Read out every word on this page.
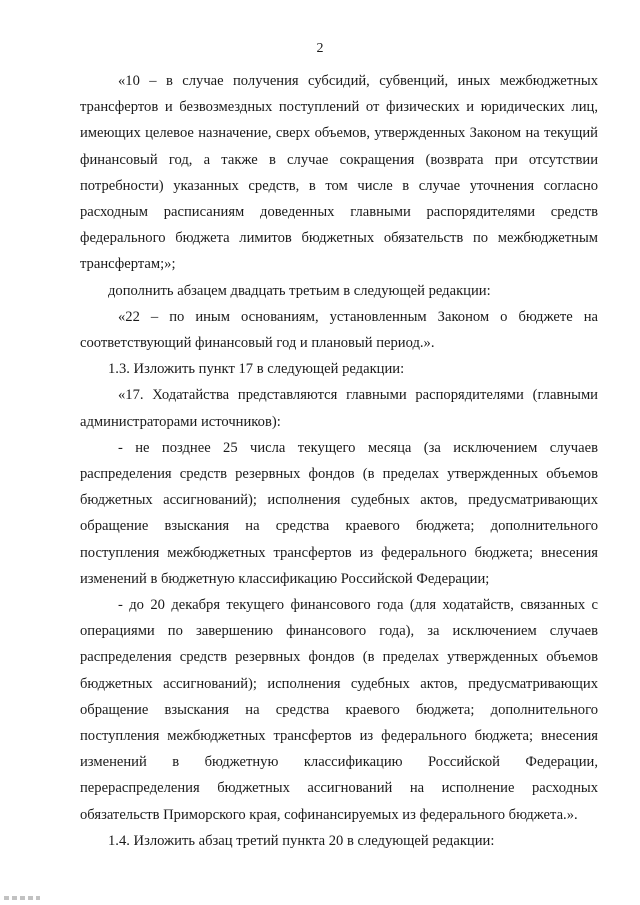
2

«10 – в случае получения субсидий, субвенций, иных межбюджетных трансфертов и безвозмездных поступлений от физических и юридических лиц, имеющих целевое назначение, сверх объемов, утвержденных Законом на текущий финансовый год, а также в случае сокращения (возврата при отсутствии потребности) указанных средств, в том числе в случае уточнения согласно расходным расписаниям доведенных главными распорядителями средств федерального бюджета лимитов бюджетных обязательств по межбюджетным трансфертам;»;

дополнить абзацем двадцать третьим в следующей редакции:

«22 – по иным основаниям, установленным Законом о бюджете на соответствующий финансовый год и плановый период.».

1.3. Изложить пункт 17 в следующей редакции:

«17. Ходатайства представляются главными распорядителями (главными администраторами источников):

- не позднее 25 числа текущего месяца (за исключением случаев распределения средств резервных фондов (в пределах утвержденных объемов бюджетных ассигнований); исполнения судебных актов, предусматривающих обращение взыскания на средства краевого бюджета; дополнительного поступления межбюджетных трансфертов из федерального бюджета; внесения изменений в бюджетную классификацию Российской Федерации;

- до 20 декабря текущего финансового года (для ходатайств, связанных с операциями по завершению финансового года), за исключением случаев распределения средств резервных фондов (в пределах утвержденных объемов бюджетных ассигнований); исполнения судебных актов, предусматривающих обращение взыскания на средства краевого бюджета; дополнительного поступления межбюджетных трансфертов из федерального бюджета; внесения изменений в бюджетную классификацию Российской Федерации, перераспределения бюджетных ассигнований на исполнение расходных обязательств Приморского края, софинансируемых из федерального бюджета.».

1.4. Изложить абзац третий пункта 20 в следующей редакции:
